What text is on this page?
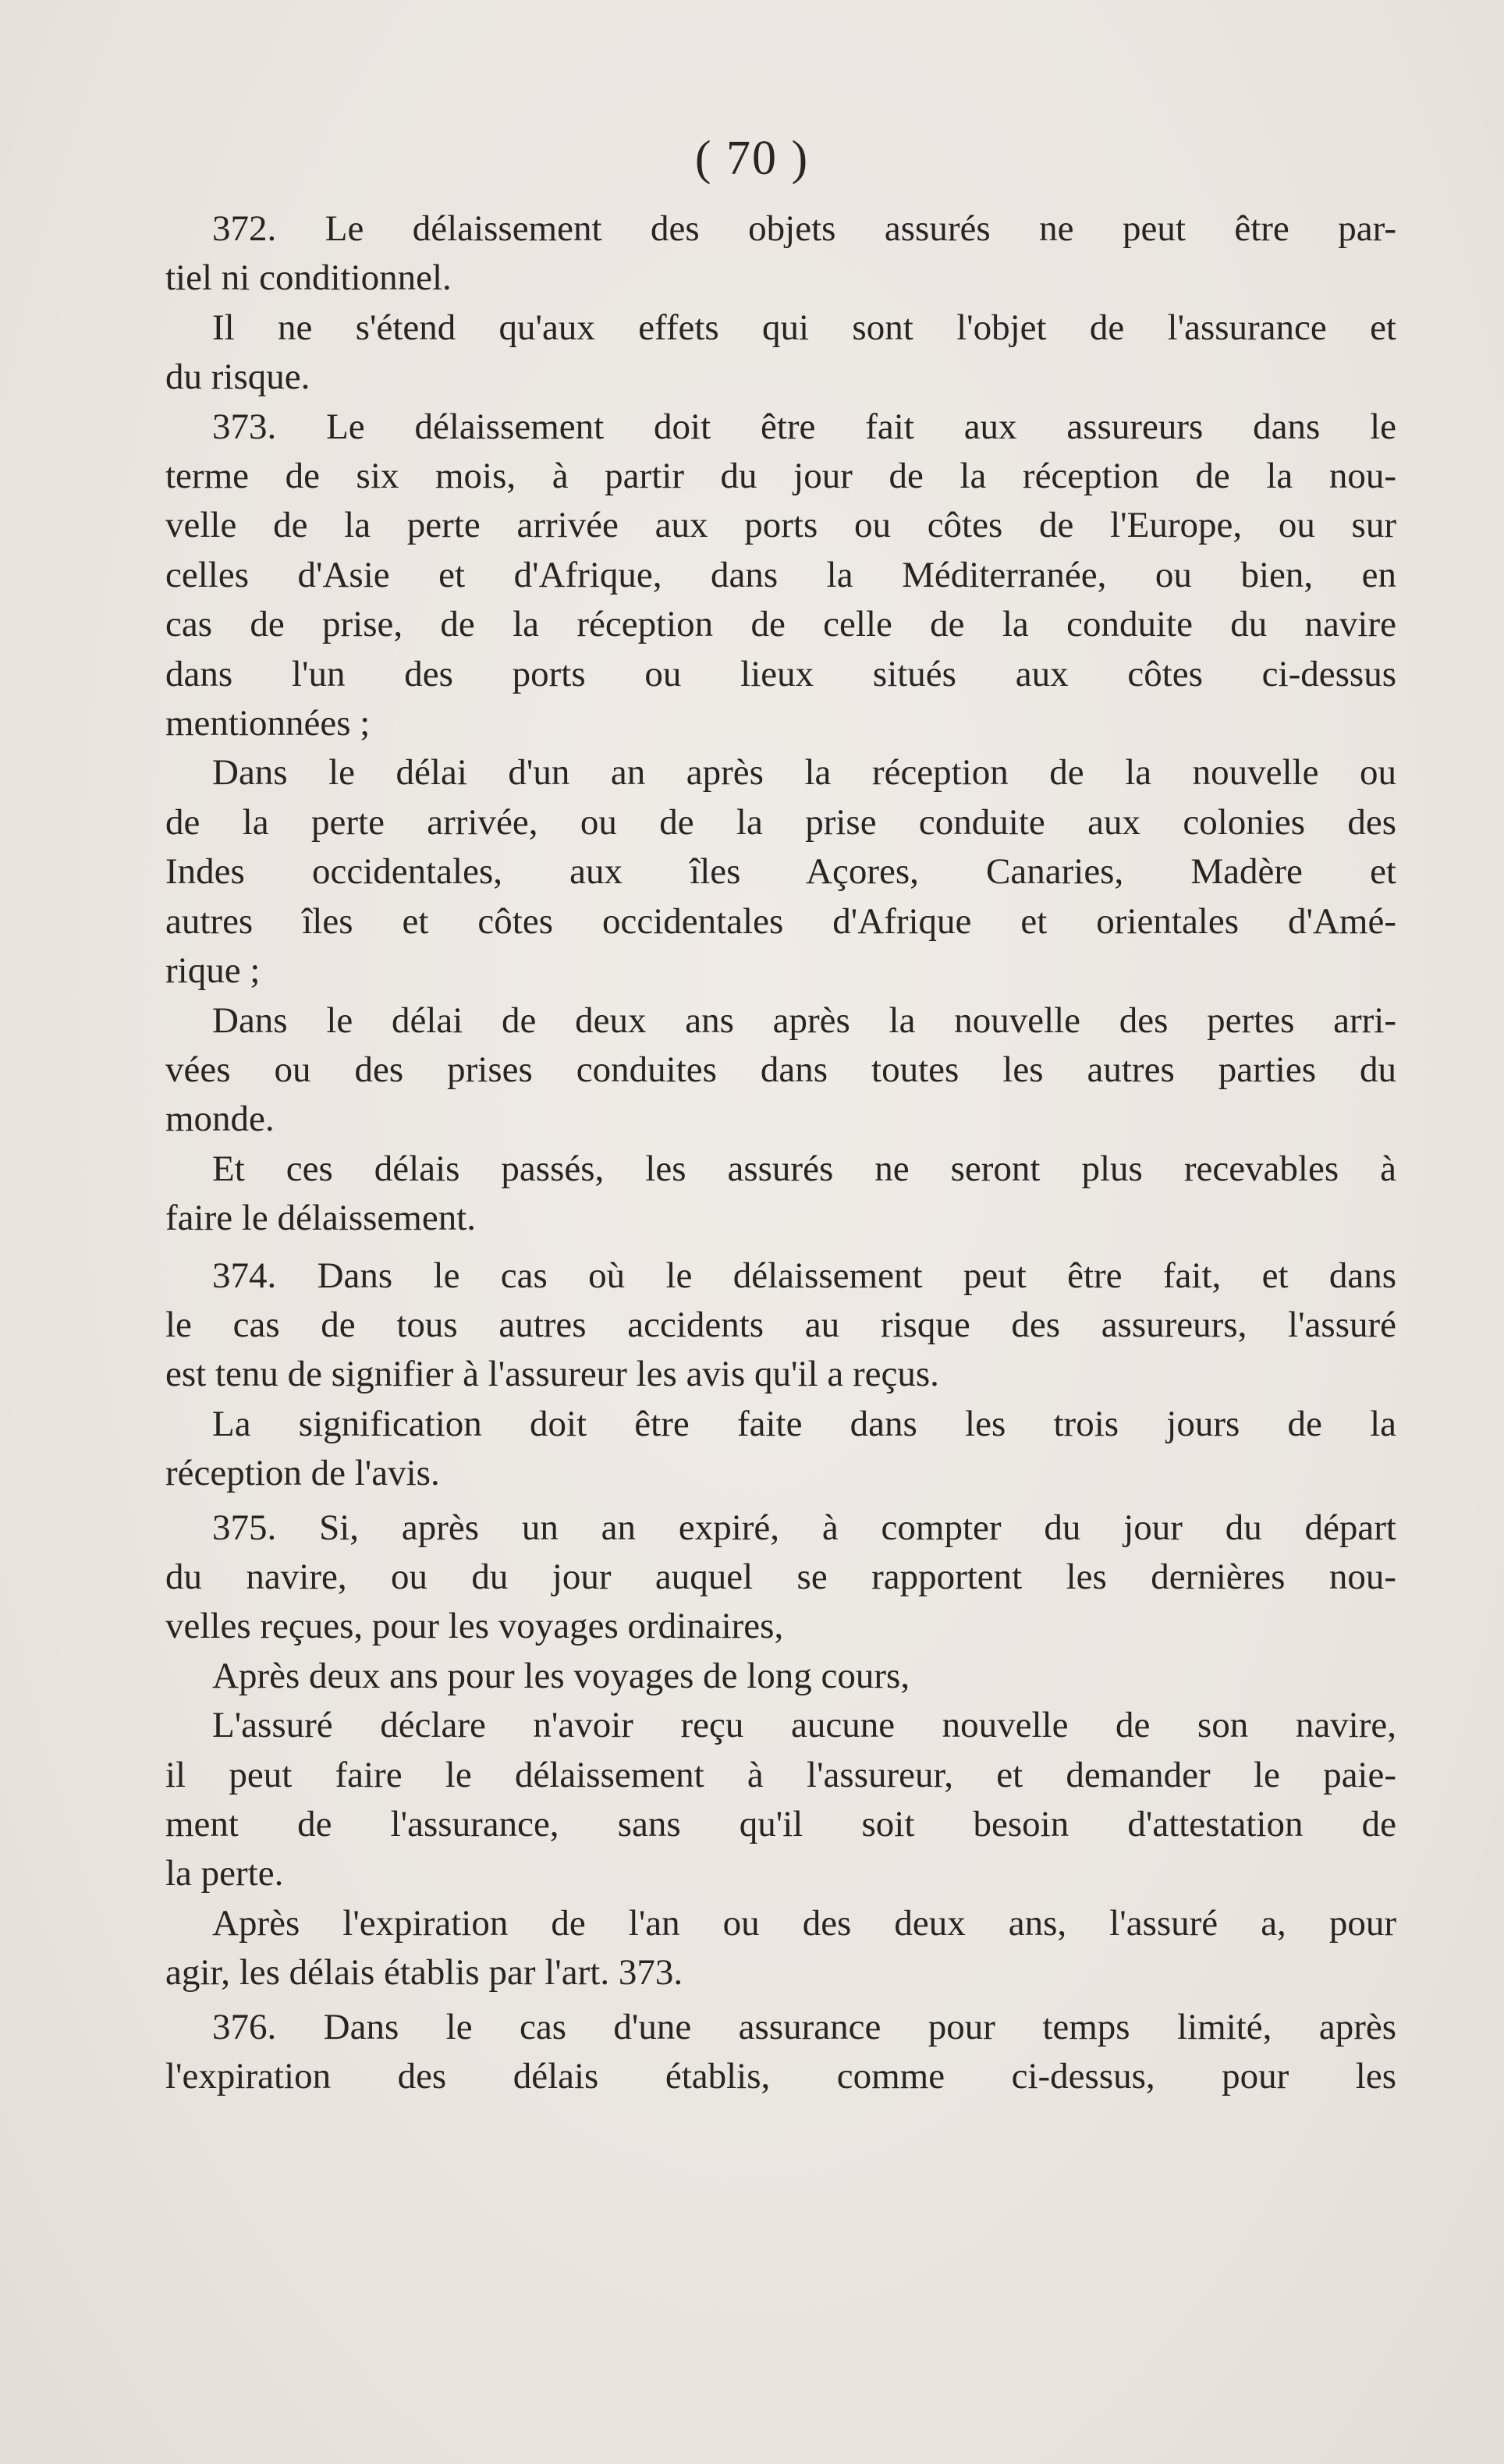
( 70 )
372. Le délaissement des objets assurés ne peut être par-
tiel ni conditionnel.
Il ne s'étend qu'aux effets qui sont l'objet de l'assurance et
du risque.
373. Le délaissement doit être fait aux assureurs dans le
terme de six mois, à partir du jour de la réception de la nou-
velle de la perte arrivée aux ports ou côtes de l'Europe, ou sur
celles d'Asie et d'Afrique, dans la Méditerranée, ou bien, en
cas de prise, de la réception de celle de la conduite du navire
dans l'un des ports ou lieux situés aux côtes ci-dessus
mentionnées ;
Dans le délai d'un an après la réception de la nouvelle ou
de la perte arrivée, ou de la prise conduite aux colonies des
Indes occidentales, aux îles Açores, Canaries, Madère et
autres îles et côtes occidentales d'Afrique et orientales d'Amé-
rique ;
Dans le délai de deux ans après la nouvelle des pertes arri-
vées ou des prises conduites dans toutes les autres parties du
monde.
Et ces délais passés, les assurés ne seront plus recevables à
faire le délaissement.
374. Dans le cas où le délaissement peut être fait, et dans
le cas de tous autres accidents au risque des assureurs, l'assuré
est tenu de signifier à l'assureur les avis qu'il a reçus.
La signification doit être faite dans les trois jours de la
réception de l'avis.
375. Si, après un an expiré, à compter du jour du départ
du navire, ou du jour auquel se rapportent les dernières nou-
velles reçues, pour les voyages ordinaires,
Après deux ans pour les voyages de long cours,
L'assuré déclare n'avoir reçu aucune nouvelle de son navire,
il peut faire le délaissement à l'assureur, et demander le paie-
ment de l'assurance, sans qu'il soit besoin d'attestation de
la perte.
Après l'expiration de l'an ou des deux ans, l'assuré a, pour
agir, les délais établis par l'art. 373.
376. Dans le cas d'une assurance pour temps limité, après
l'expiration des délais établis, comme ci-dessus, pour les
